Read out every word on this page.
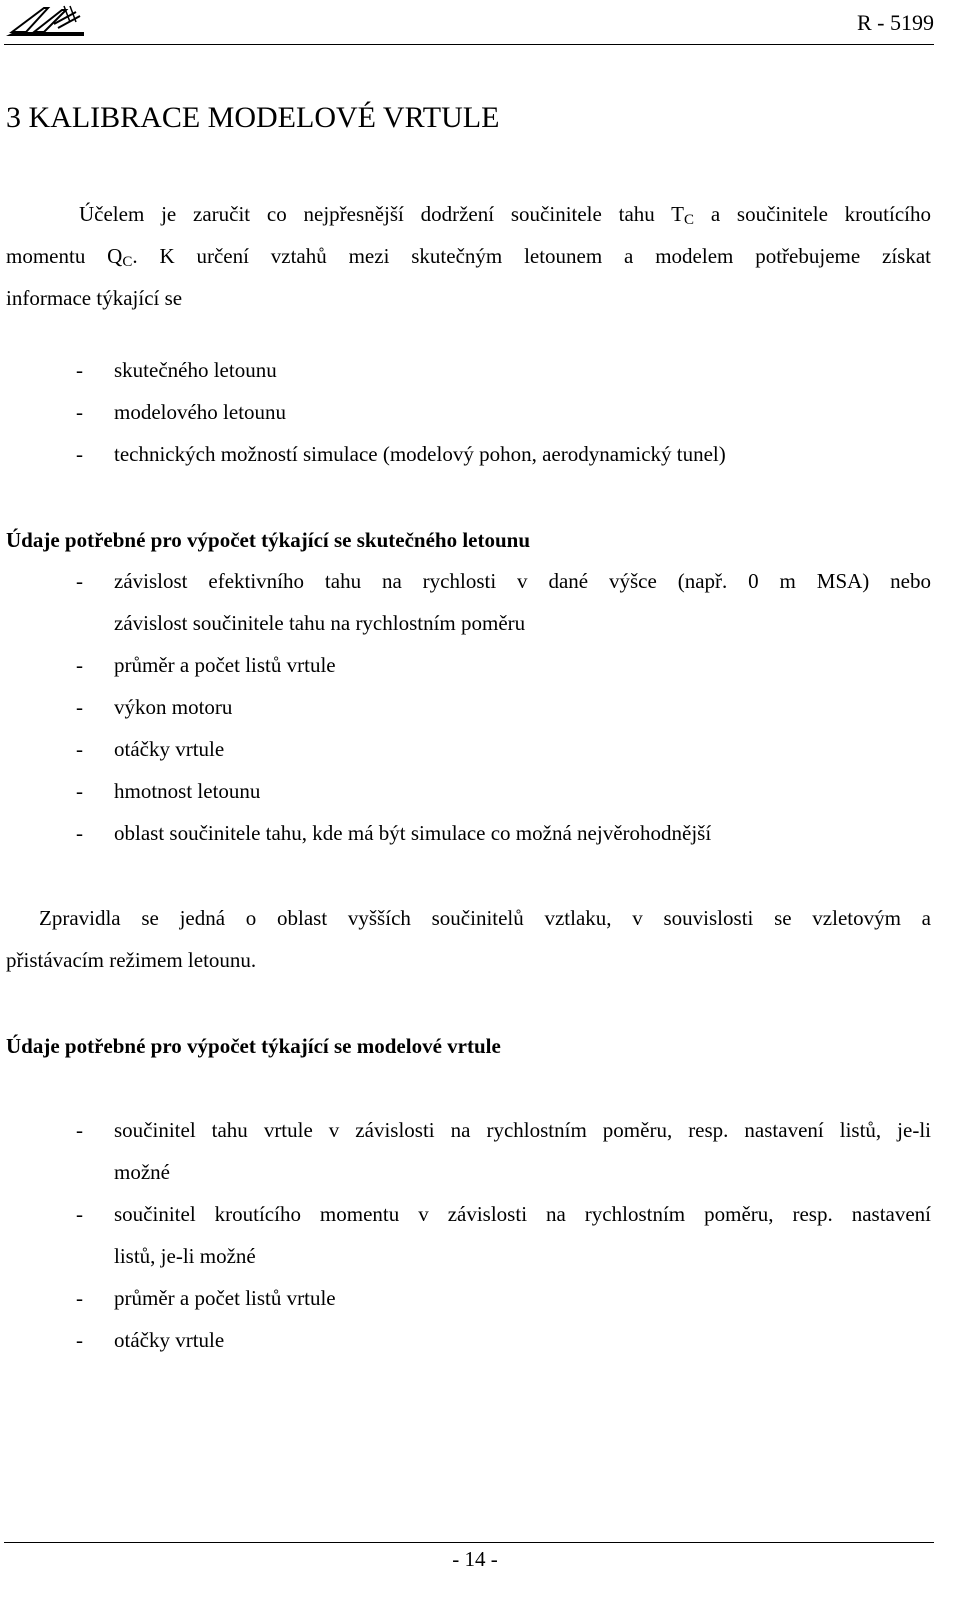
R - 5199
3 KALIBRACE MODELOVÉ VRTULE
Účelem je zaručit co nejpřesnější dodržení součinitele tahu $T_C$ a součinitele kroutícího
momentu $Q_C$. K určení vztahů mezi skutečným letounem a modelem potřebujeme získat
informace týkající se
- skutečného letounu
- modelového letounu
- technických možností simulace (modelový pohon, aerodynamický tunel)
Údaje potřebné pro výpočet týkající se skutečného letounu
- závislost efektivního tahu na rychlosti v dané výšce (např. 0 m MSA) nebo
závislost součinitele tahu na rychlostním poměru
- průměr a počet listů vrtule
- výkon motoru
- otáčky vrtule
- hmotnost letounu
- oblast součinitele tahu, kde má být simulace co možná nejvěrohodnější
Zpravidla se jedná o oblast vyšších součinitelů vztlaku, v souvislosti se vzletovým a
přistávacím režimem letounu.
Údaje potřebné pro výpočet týkající se modelové vrtule
- součinitel tahu vrtule v závislosti na rychlostním poměru, resp. nastavení listů, je-li
možné
- součinitel kroutícího momentu v závislosti na rychlostním poměru, resp. nastavení
listů, je-li možné
- průměr a počet listů vrtule
- otáčky vrtule
- 14 -
